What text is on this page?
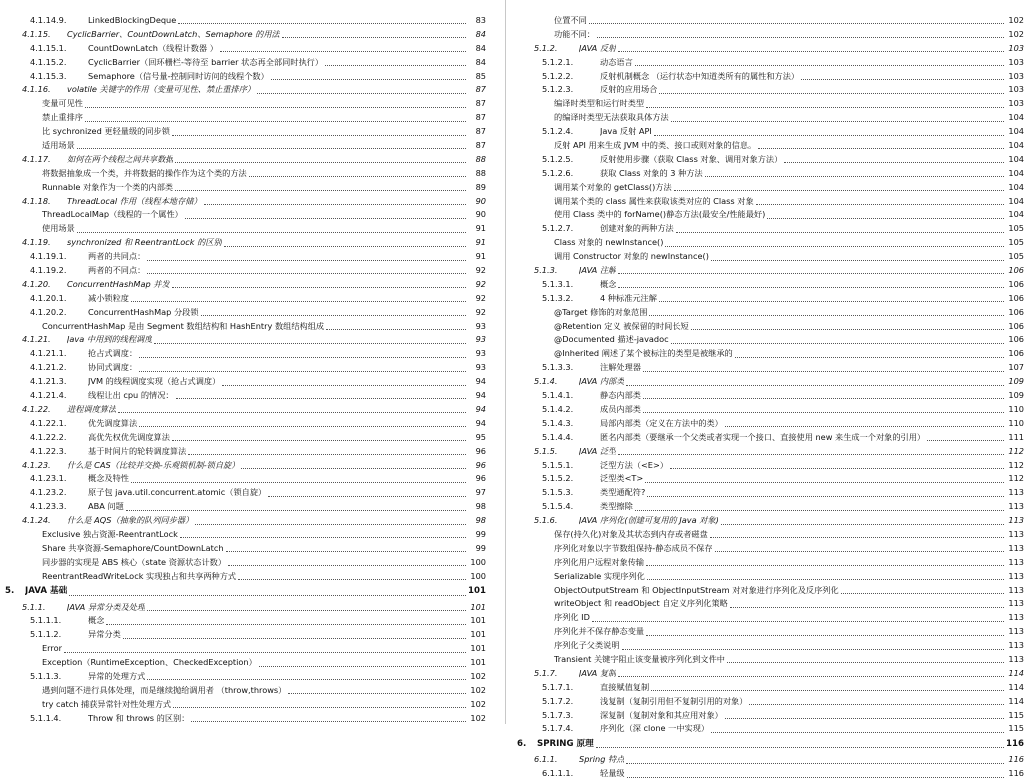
4.1.14.9.	LinkedBlockingDeque	83
4.1.15.	CyclicBarrier、CountDownLatch、Semaphore 的用法	84
4.1.15.1.	CountDownLatch（线程计数器 ）	84
4.1.15.2.	CyclicBarrier（回环栅栏-等待至 barrier 状态再全部同时执行）	84
4.1.15.3.	Semaphore（信号量-控制同时访问的线程个数）	85
4.1.16.	volatile 关键字的作用（变量可见性、禁止重排序）	87
变量可见性	87
禁止重排序	87
比 sychronized 更轻量级的同步锁	87
适用场景	87
4.1.17.	如何在两个线程之间共享数据	88
将数据抽象成一个类，并将数据的操作作为这个类的方法	88
Runnable 对象作为一个类的内部类	89
4.1.18.	ThreadLocal 作用（线程本地存储）	90
ThreadLocalMap（线程的一个属性）	90
使用场景	91
4.1.19.	synchronized 和 ReentrantLock 的区别	91
4.1.19.1.	两者的共同点：	91
4.1.19.2.	两者的不同点：	92
4.1.20.	ConcurrentHashMap 并发	92
4.1.20.1.	减小锁粒度	92
4.1.20.2.	ConcurrentHashMap 分段锁	92
ConcurrentHashMap 是由 Segment 数组结构和 HashEntry 数组结构组成	93
4.1.21.	Java 中用到的线程调度	93
4.1.21.1.	抢占式调度：	93
4.1.21.2.	协同式调度：	93
4.1.21.3.	JVM 的线程调度实现（抢占式调度）	94
4.1.21.4.	线程让出 cpu 的情况：	94
4.1.22.	进程调度算法	94
4.1.22.1.	优先调度算法	94
4.1.22.2.	高优先权优先调度算法	95
4.1.22.3.	基于时间片的轮转调度算法	96
4.1.23.	什么是 CAS（比较并交换-乐观锁机制-锁自旋）	96
4.1.23.1.	概念及特性	96
4.1.23.2.	原子包 java.util.concurrent.atomic（锁自旋）	97
4.1.23.3.	ABA 问题	98
4.1.24.	什么是 AQS（抽象的队列同步器）	98
Exclusive 独占资源-ReentrantLock	99
Share 共享资源-Semaphore/CountDownLatch	99
同步器的实现是 ABS 核心（state 资源状态计数）	100
ReentrantReadWriteLock 实现独占和共享两种方式	100
5.	JAVA 基础	101
5.1.1.	JAVA 异常分类及处理	101
5.1.1.1.	概念	101
5.1.1.2.	异常分类	101
Error	101
Exception（RuntimeException、CheckedException）	101
5.1.1.3.	异常的处理方式	102
遇到问题不进行具体处理，而是继续抛给调用者 （throw,throws）	102
try catch 捕获异常针对性处理方式	102
5.1.1.4.	Throw 和 throws 的区别：	102
位置不同	102
功能不同：	102
5.1.2.	JAVA 反射	103
5.1.2.1.	动态语言	103
5.1.2.2.	反射机制概念 （运行状态中知道类所有的属性和方法）	103
5.1.2.3.	反射的应用场合	103
编译时类型和运行时类型	103
的编译时类型无法获取具体方法	104
5.1.2.4.	Java 反射 API	104
反射 API 用来生成 JVM 中的类、接口或则对象的信息。	104
5.1.2.5.	反射使用步骤（获取 Class 对象、调用对象方法）	104
5.1.2.6.	获取 Class 对象的 3 种方法	104
调用某个对象的 getClass()方法	104
调用某个类的 class 属性来获取该类对应的 Class 对象	104
使用 Class 类中的 forName()静态方法(最安全/性能最好)	104
5.1.2.7.	创建对象的两种方法	105
Class 对象的 newInstance()	105
调用 Constructor 对象的 newInstance()	105
5.1.3.	JAVA 注解	106
5.1.3.1.	概念	106
5.1.3.2.	4 种标准元注解	106
@Target 修饰的对象范围	106
@Retention 定义 被保留的时间长短	106
@Documented 描述-javadoc	106
@Inherited 阐述了某个被标注的类型是被继承的	106
5.1.3.3.	注解处理器	107
5.1.4.	JAVA 内部类	109
5.1.4.1.	静态内部类	109
5.1.4.2.	成员内部类	110
5.1.4.3.	局部内部类（定义在方法中的类）	110
5.1.4.4.	匿名内部类（要继承一个父类或者实现一个接口、直接使用 new 来生成一个对象的引用）	111
5.1.5.	JAVA 泛型	112
5.1.5.1.	泛型方法（<E>）	112
5.1.5.2.	泛型类<T>	112
5.1.5.3.	类型通配符?	113
5.1.5.4.	类型擦除	113
5.1.6.	JAVA 序列化(创建可复用的 Java 对象)	113
保存(持久化)对象及其状态到内存或者磁盘	113
序列化对象以字节数组保持-静态成员不保存	113
序列化用户远程对象传输	113
Serializable 实现序列化	113
ObjectOutputStream 和 ObjectInputStream 对对象进行序列化及反序列化	113
writeObject 和 readObject 自定义序列化策略	113
序列化 ID	113
序列化并不保存静态变量	113
序列化子父类说明	113
Transient 关键字阻止该变量被序列化到文件中	113
5.1.7.	JAVA 复制	114
5.1.7.1.	直接赋值复制	114
5.1.7.2.	浅复制（复制引用但不复制引用的对象）	114
5.1.7.3.	深复制（复制对象和其应用对象）	115
5.1.7.4.	序列化（深 clone 一中实现）	115
6.	SPRING 原理	116
6.1.1.	Spring 特点	116
6.1.1.1.	轻量级	116
